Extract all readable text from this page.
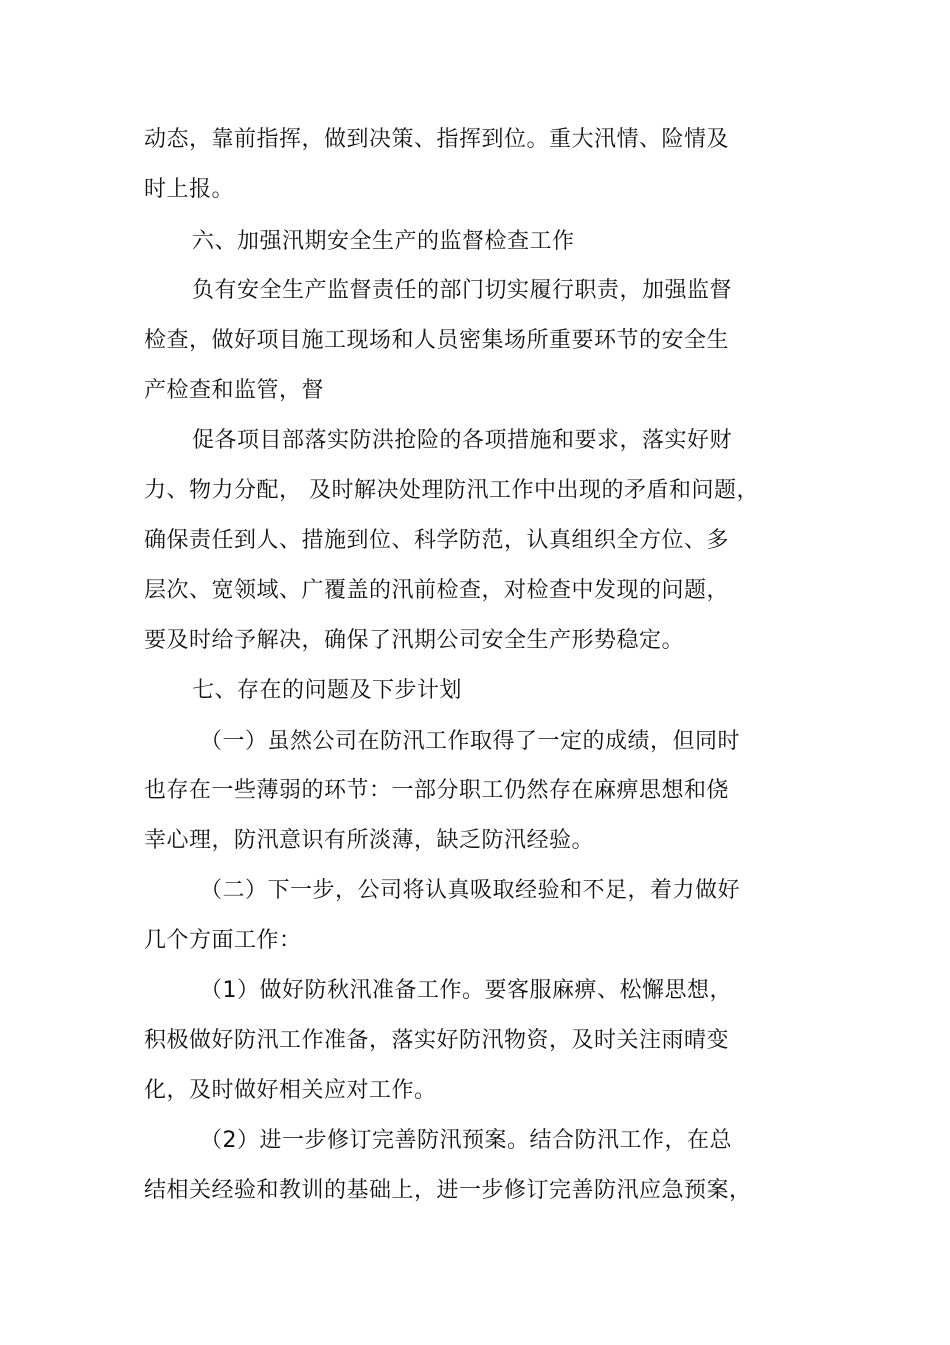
动态，靠前指挥，做到决策、指挥到位。重大汛情、险情及
时上报。
六、加强汛期安全生产的监督检查工作
负有安全生产监督责任的部门切实履行职责，加强监督
检查，做好项目施工现场和人员密集场所重要环节的安全生
产检查和监管，督
促各项目部落实防洪抢险的各项措施和要求，落实好财
力、物力分配， 及时解决处理防汛工作中出现的矛盾和问题，
确保责任到人、措施到位、科学防范，认真组织全方位、多
层次、宽领域、广覆盖的汛前检查，对检查中发现的问题，
要及时给予解决，确保了汛期公司安全生产形势稳定。
七、存在的问题及下步计划
（一）虽然公司在防汛工作取得了一定的成绩，但同时
也存在一些薄弱的环节：一部分职工仍然存在麻痹思想和侥
幸心理，防汛意识有所淡薄，缺乏防汛经验。
（二）下一步，公司将认真吸取经验和不足，着力做好
几个方面工作：
（1）做好防秋汛准备工作。要客服麻痹、松懈思想，
积极做好防汛工作准备，落实好防汛物资，及时关注雨晴变
化，及时做好相关应对工作。
（2）进一步修订完善防汛预案。结合防汛工作，在总
结相关经验和教训的基础上，进一步修订完善防汛应急预案，
